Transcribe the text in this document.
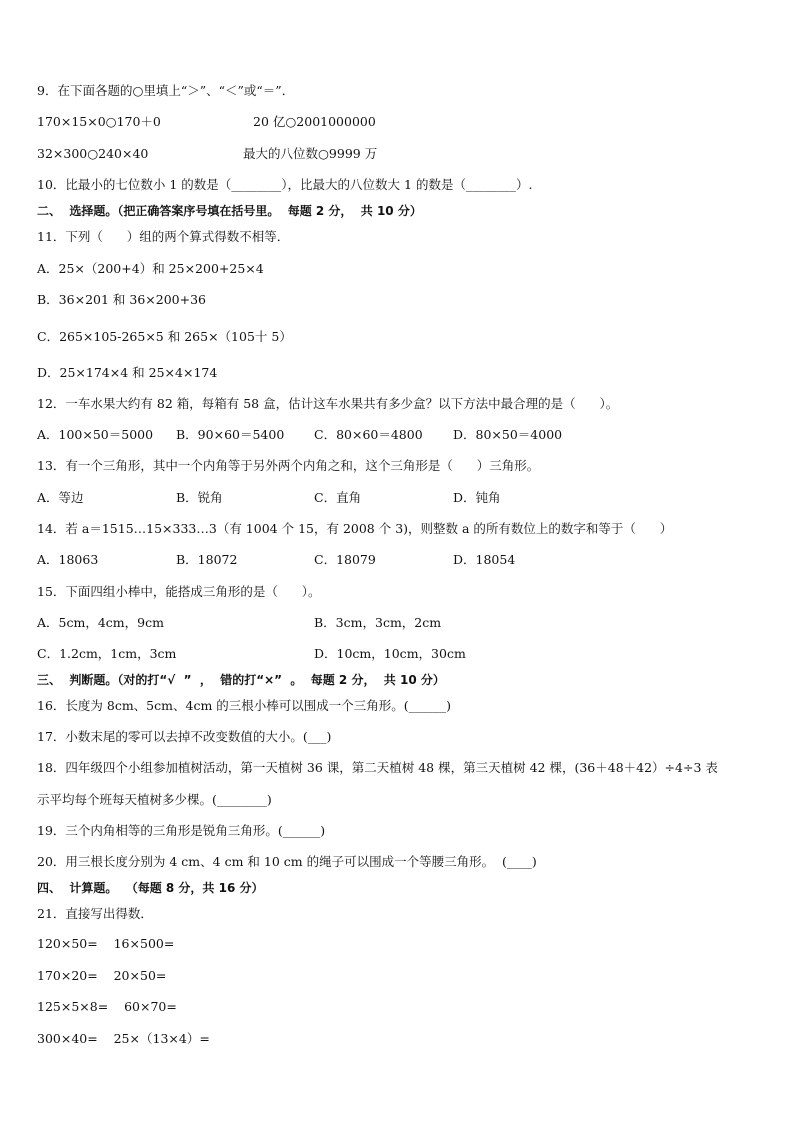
9．在下面各题的○里填上“＞”、“＜”或“＝”．
170×15×0○170＋0	20 亿○2001000000
32×300○240×40	最大的八位数○9999 万
10．比最小的七位数小 1 的数是（________），比最大的八位数大 1 的数是（________）.
二、  选择题。（把正确答案序号填在括号里。  每题 2 分，  共 10 分）
11．下列（      ）组的两个算式得数不相等．
A．25×（200+4）和 25×200+25×4
B．36×201 和 36×200+36
C．265×105-265×5 和 265×（105十 5）
D．25×174×4 和 25×4×174
12．一车水果大约有 82 箱，每箱有 58 盒，估计这车水果共有多少盒？以下方法中最合理的是（      ）。
A．100×50＝5000 B．90×60＝5400 C．80×60＝4800 D．80×50＝4000
13．有一个三角形，其中一个内角等于另外两个内角之和，这个三角形是（      ）三角形。
A．等边	B．锐角	C．直角	D．钝角
14．若 a＝1515…15×333…3（有 1004 个 15，有 2008 个 3)，则整数 a 的所有数位上的数字和等于（      ）
A．18063	B．18072	C．18079	D．18054
15．下面四组小棒中，能搭成三角形的是（      ）。
A．5cm，4cm，9cm	B．3cm，3cm，2cm
C．1.2cm，1cm，3cm	D．10cm，10cm，30cm
三、  判断题。（对的打“√  ”  ，  错的打“×”  。  每题 2 分，  共 10 分）
16．长度为 8cm、5cm、4cm 的三根小棒可以围成一个三角形。(______)
17．小数末尾的零可以去掉不改变数值的大小。(___)
18．四年级四个小组参加植树活动，第一天植树 36 课，第二天植树 48 棵，第三天植树 42 棵，(36＋48＋42）÷4÷3 表
示平均每个班每天植树多少棵。(________)
19．三个内角相等的三角形是锐角三角形。(______)
20．用三根长度分别为 4 cm、4 cm 和 10 cm 的绳子可以围成一个等腰三角形。  (____)
四、  计算题。  （每题 8 分，共 16 分）
21．直接写出得数．
120×50=    16×500=
170×20=    20×50=
125×5×8=    60×70=
300×40=    25×（13×4）=
